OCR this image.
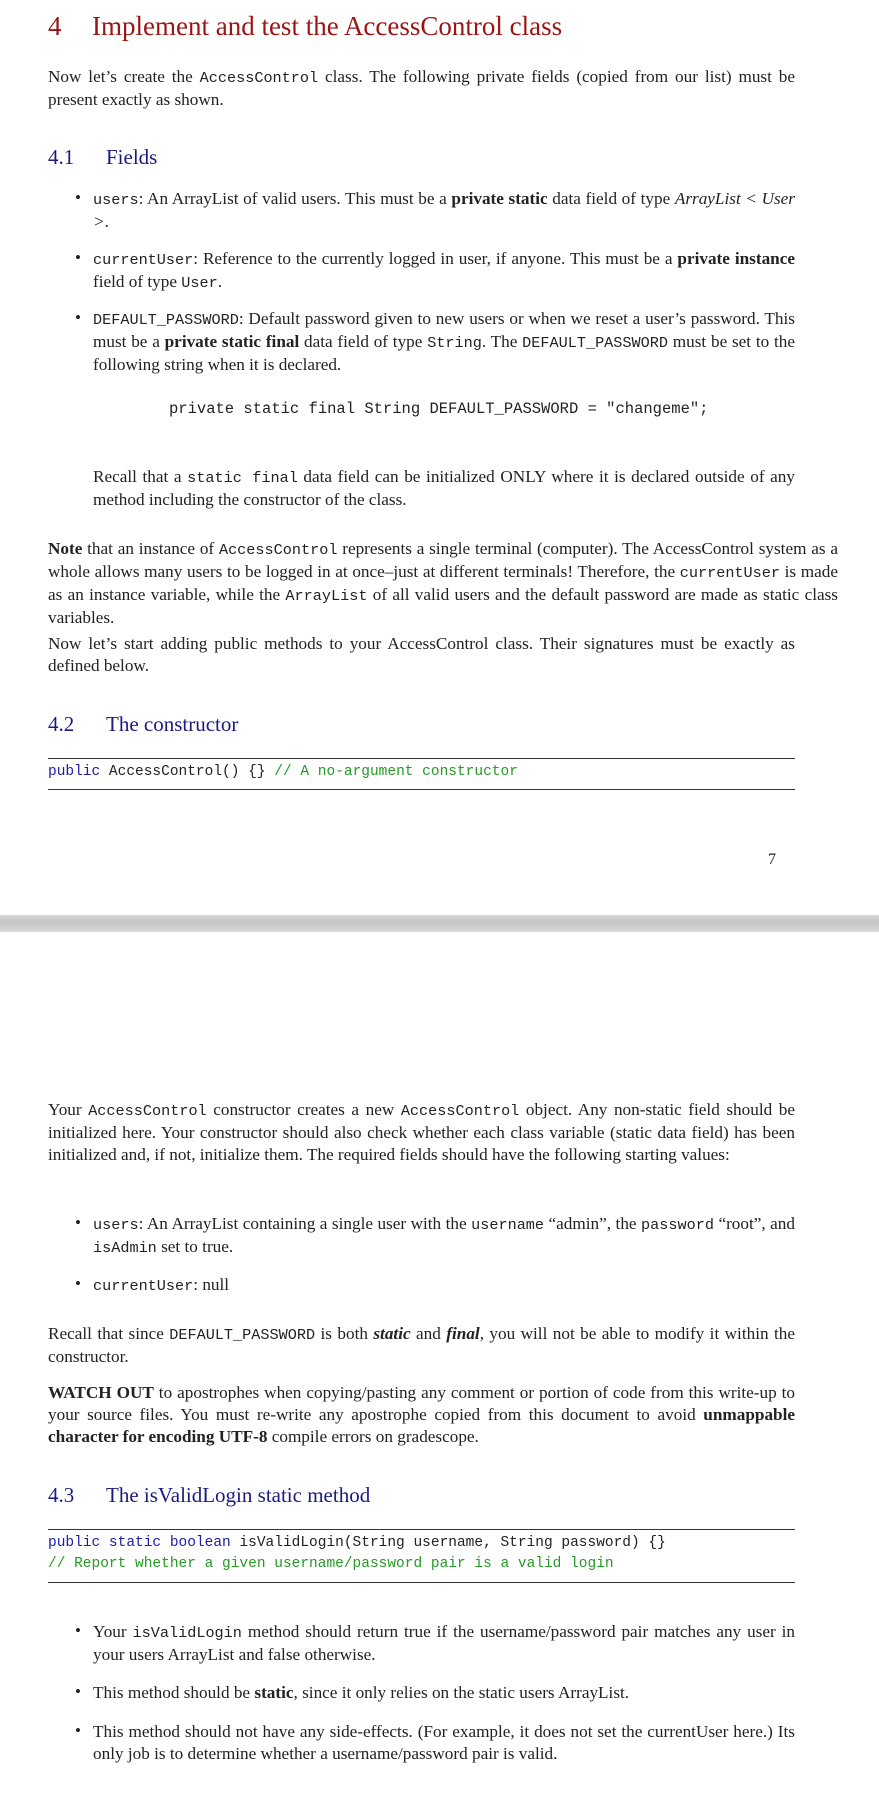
4 Implement and test the AccessControl class

Now let’s create the AccessControl class. The following private fields (copied from our list) must be present exactly as shown.

4.1 Fields
• users: An ArrayList of valid users. This must be a private static data field of type ArrayList < User >.

• currentUser: Reference to the currently logged in user, if anyone. This must be a private instance field of type User.

• DEFAULT_PASSWORD: Default password given to new users or when we reset a user’s password. This must be a private static final data field of type String. The DEFAULT_PASSWORD must be set to the following string when it is declared.

private static final String DEFAULT_PASSWORD = "changeme";

Recall that a static final data field can be initialized ONLY where it is declared outside of any method including the constructor of the class.

Note that an instance of AccessControl represents a single terminal (computer). The AccessControl system as a whole allows many users to be logged in at once–just at different terminals! Therefore, the currentUser is made as an instance variable, while the ArrayList of all valid users and the default password are made as static class variables.

Now let’s start adding public methods to your AccessControl class. Their signatures must be exactly as defined below.

4.2 The constructor
public AccessControl() {} // A no-argument constructor
7

Your AccessControl constructor creates a new AccessControl object. Any non-static field should be initialized here. Your constructor should also check whether each class variable (static data field) has been initialized and, if not, initialize them. The required fields should have the following starting values:

• users: An ArrayList containing a single user with the username “admin”, the password “root”, and isAdmin set to true.

• currentUser: null

Recall that since DEFAULT_PASSWORD is both static and final, you will not be able to modify it within the constructor.

WATCH OUT to apostrophes when copying/pasting any comment or portion of code from this write-up to your source files. You must re-write any apostrophe copied from this document to avoid unmappable character for encoding UTF-8 compile errors on gradescope.

4.3 The isValidLogin static method
public static boolean isValidLogin(String username, String password) {}
// Report whether a given username/password pair is a valid login
• Your isValidLogin method should return true if the username/password pair matches any user in your users ArrayList and false otherwise.

• This method should be static, since it only relies on the static users ArrayList.

• This method should not have any side-effects. (For example, it does not set the currentUser here.) Its only job is to determine whether a username/password pair is valid.
